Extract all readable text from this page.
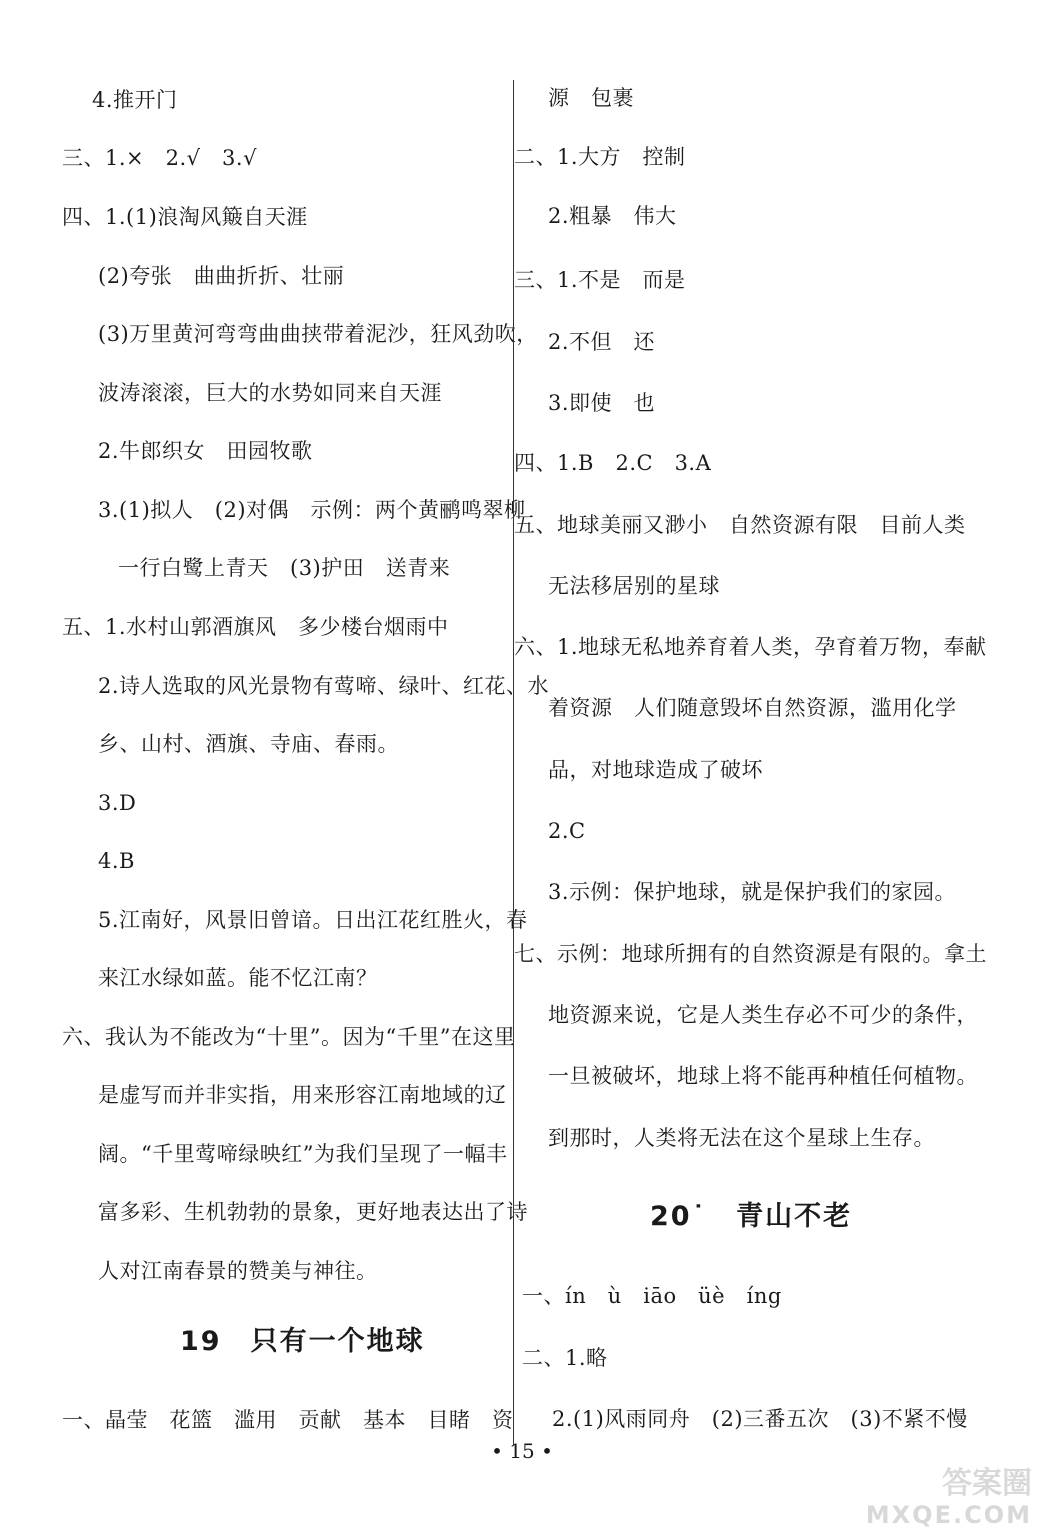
4.推开门
三、1.×　2.√　3.√
四、1.(1)浪淘风簸自天涯
(2)夸张　曲曲折折、壮丽
(3)万里黄河弯弯曲曲挟带着泥沙，狂风劲吹，
波涛滚滚，巨大的水势如同来自天涯
2.牛郎织女　田园牧歌
3.(1)拟人　(2)对偶　示例：两个黄鹂鸣翠柳
一行白鹭上青天　(3)护田　送青来
五、1.水村山郭酒旗风　多少楼台烟雨中
2.诗人选取的风光景物有莺啼、绿叶、红花、水
乡、山村、酒旗、寺庙、春雨。
3.D
4.B
5.江南好，风景旧曾谙。日出江花红胜火，春
来江水绿如蓝。能不忆江南？
六、我认为不能改为“十里”。因为“千里”在这里
是虚写而并非实指，用来形容江南地域的辽
阔。“千里莺啼绿映红”为我们呈现了一幅丰
富多彩、生机勃勃的景象，更好地表达出了诗
人对江南春景的赞美与神往。
19　只有一个地球
一、晶莹　花篮　滥用　贡献　基本　目睹　资
源　包裹
二、1.大方　控制
2.粗暴　伟大
三、1.不是　而是
2.不但　还
3.即使　也
四、1.B　2.C　3.A
五、地球美丽又渺小　自然资源有限　目前人类
无法移居别的星球
六、1.地球无私地养育着人类，孕育着万物，奉献
着资源　人们随意毁坏自然资源，滥用化学
品，对地球造成了破坏
2.C
3.示例：保护地球，就是保护我们的家园。
七、示例：地球所拥有的自然资源是有限的。拿土
地资源来说，它是人类生存必不可少的条件，
一旦被破坏，地球上将不能再种植任何植物。
到那时，人类将无法在这个星球上生存。
20˙　青山不老
一、ín　ù　iāo　üè　íng
二、1.略
2.(1)风雨同舟　(2)三番五次　(3)不紧不慢
• 15 •
答案圈
MXQE.COM
